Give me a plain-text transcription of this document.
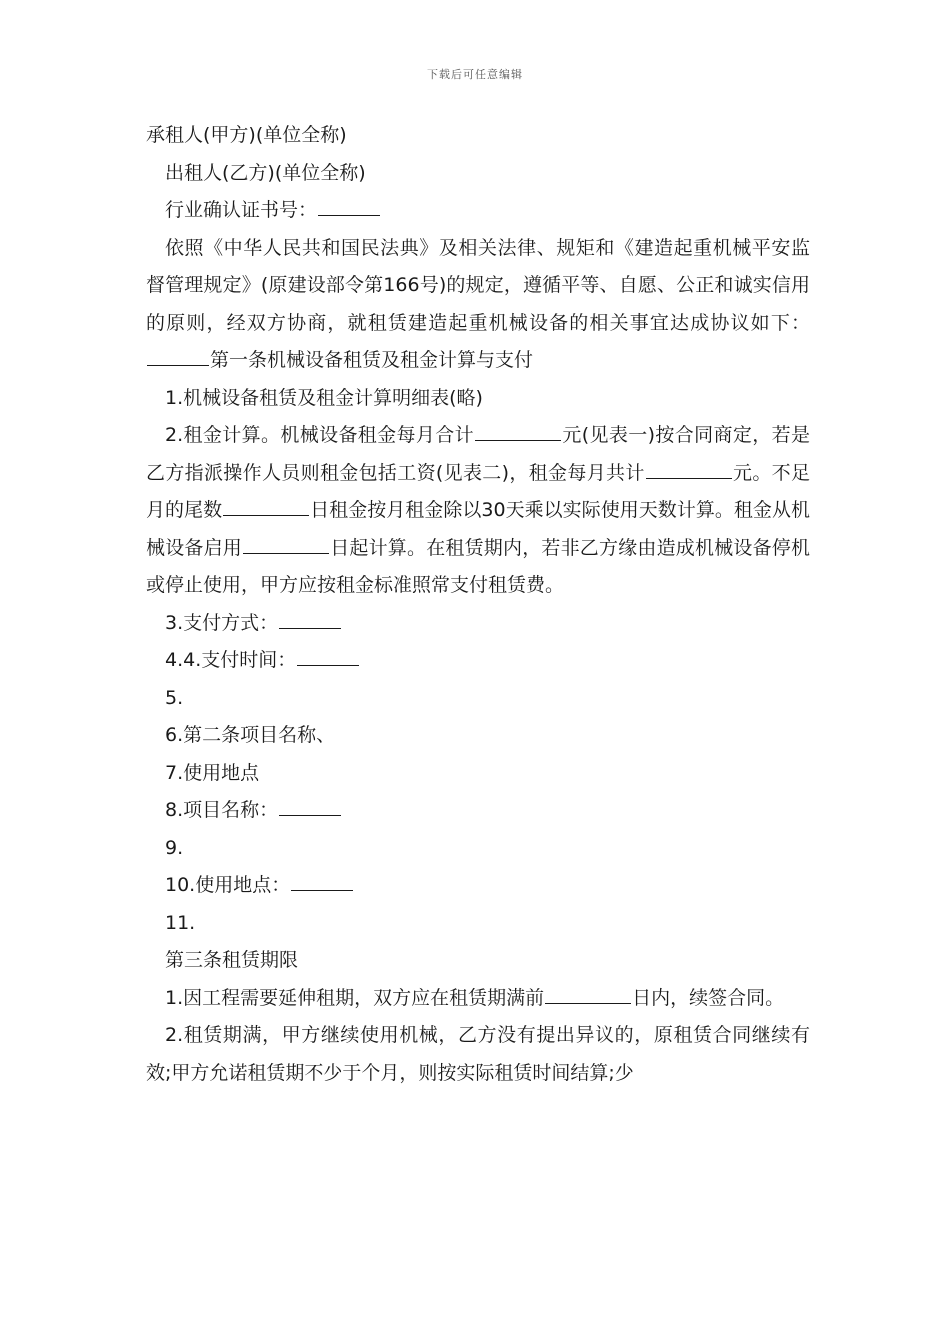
下载后可任意编辑

承租人(甲方)(单位全称)

出租人(乙方)(单位全称)

行业确认证书号：

依照《中华人民共和国民法典》及相关法律、规矩和《建造起重机械平安监督管理规定》(原建设部令第166号)的规定，遵循平等、自愿、公正和诚实信用的原则，经双方协商，就租赁建造起重机械设备的相关事宜达成协议如下：第一条机械设备租赁及租金计算与支付

1.机械设备租赁及租金计算明细表(略)

2.租金计算。机械设备租金每月合计	元(见表一)按合同商定，若是乙方指派操作人员则租金包括工资(见表二)，租金每月共计	元。不足月的尾数	日租金按月租金除以30天乘以实际使用天数计算。租金从机械设备启用	日起计算。在租赁期内，若非乙方缘由造成机械设备停机或停止使用，甲方应按租金标准照常支付租赁费。

3.支付方式：

4.4.支付时间：

5.

6.第二条项目名称、

7.使用地点

8.项目名称：

9.

10.使用地点：

11.

第三条租赁期限

1.因工程需要延伸租期，双方应在租赁期满前	日内，续签合同。

2.租赁期满，甲方继续使用机械，乙方没有提出异议的，原租赁合同继续有效;甲方允诺租赁期不少于个月，则按实际租赁时间结算;少
